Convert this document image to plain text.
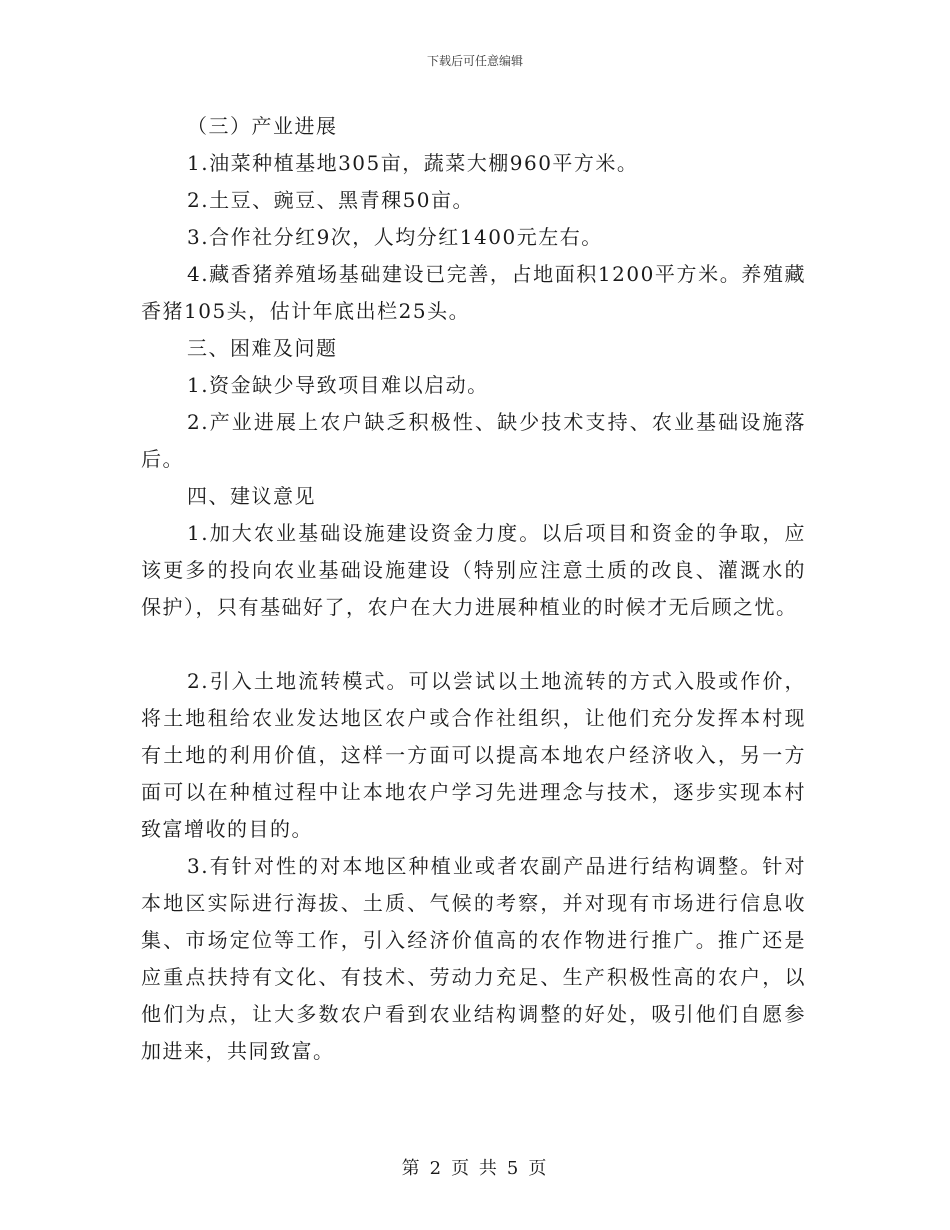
下载后可任意编辑

（三）产业进展

1.油菜种植基地305亩，蔬菜大棚960平方米。

2.土豆、豌豆、黑青稞50亩。

3.合作社分红9次，人均分红1400元左右。

4.藏香猪养殖场基础建设已完善，占地面积1200平方米。养殖藏香猪105头，估计年底出栏25头。

三、困难及问题

1.资金缺少导致项目难以启动。

2.产业进展上农户缺乏积极性、缺少技术支持、农业基础设施落后。

四、建议意见

1.加大农业基础设施建设资金力度。以后项目和资金的争取，应该更多的投向农业基础设施建设（特别应注意土质的改良、灌溉水的保护），只有基础好了，农户在大力进展种植业的时候才无后顾之忧。

2.引入土地流转模式。可以尝试以土地流转的方式入股或作价，将土地租给农业发达地区农户或合作社组织，让他们充分发挥本村现有土地的利用价值，这样一方面可以提高本地农户经济收入，另一方面可以在种植过程中让本地农户学习先进理念与技术，逐步实现本村致富增收的目的。

3.有针对性的对本地区种植业或者农副产品进行结构调整。针对本地区实际进行海拔、土质、气候的考察，并对现有市场进行信息收集、市场定位等工作，引入经济价值高的农作物进行推广。推广还是应重点扶持有文化、有技术、劳动力充足、生产积极性高的农户，以他们为点，让大多数农户看到农业结构调整的好处，吸引他们自愿参加进来，共同致富。

第 2 页 共 5 页
